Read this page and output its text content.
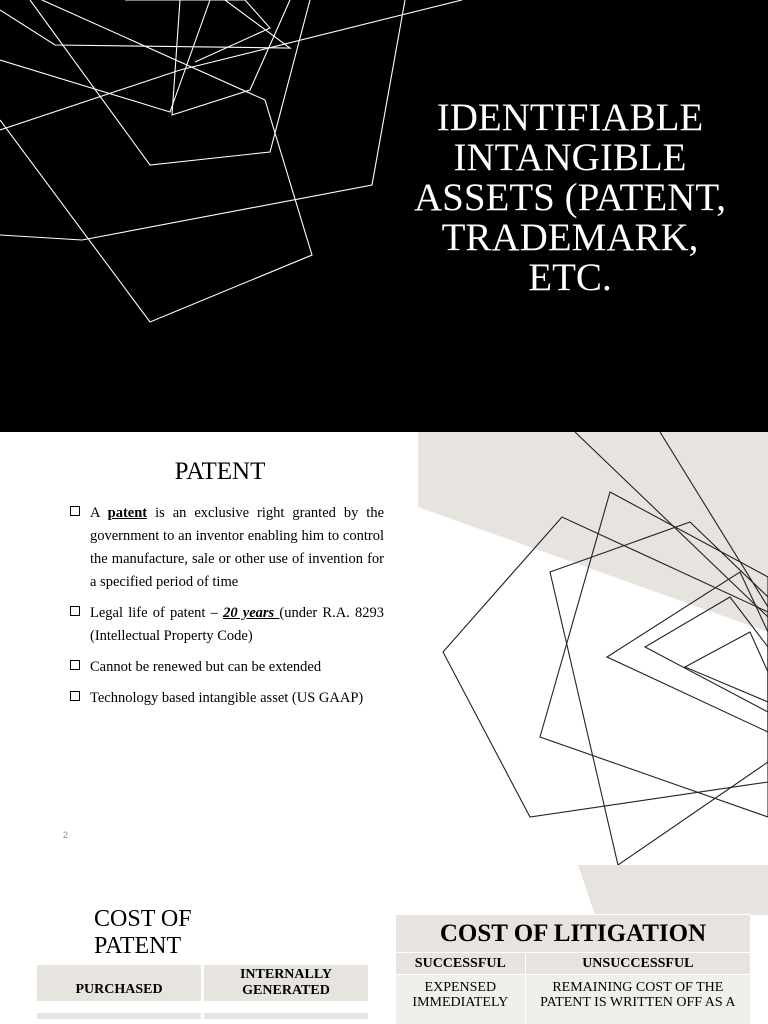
IDENTIFIABLE INTANGIBLE ASSETS (PATENT, TRADEMARK, ETC.
PATENT
A patent is an exclusive right granted by the government to an inventor enabling him to control the manufacture, sale or other use of invention for a specified period of time
Legal life of patent – 20 years (under R.A. 8293 (Intellectual Property Code)
Cannot be renewed but can be extended
Technology based intangible asset (US GAAP)
2
COST OF
PATENT
PURCHASED	INTERNALLY GENERATED

COST OF LITIGATION	
SUCCESSFUL	UNSUCCESSFUL
EXPENSED IMMEDIATELY	REMAINING COST OF THE PATENT IS WRITTEN OFF AS A
